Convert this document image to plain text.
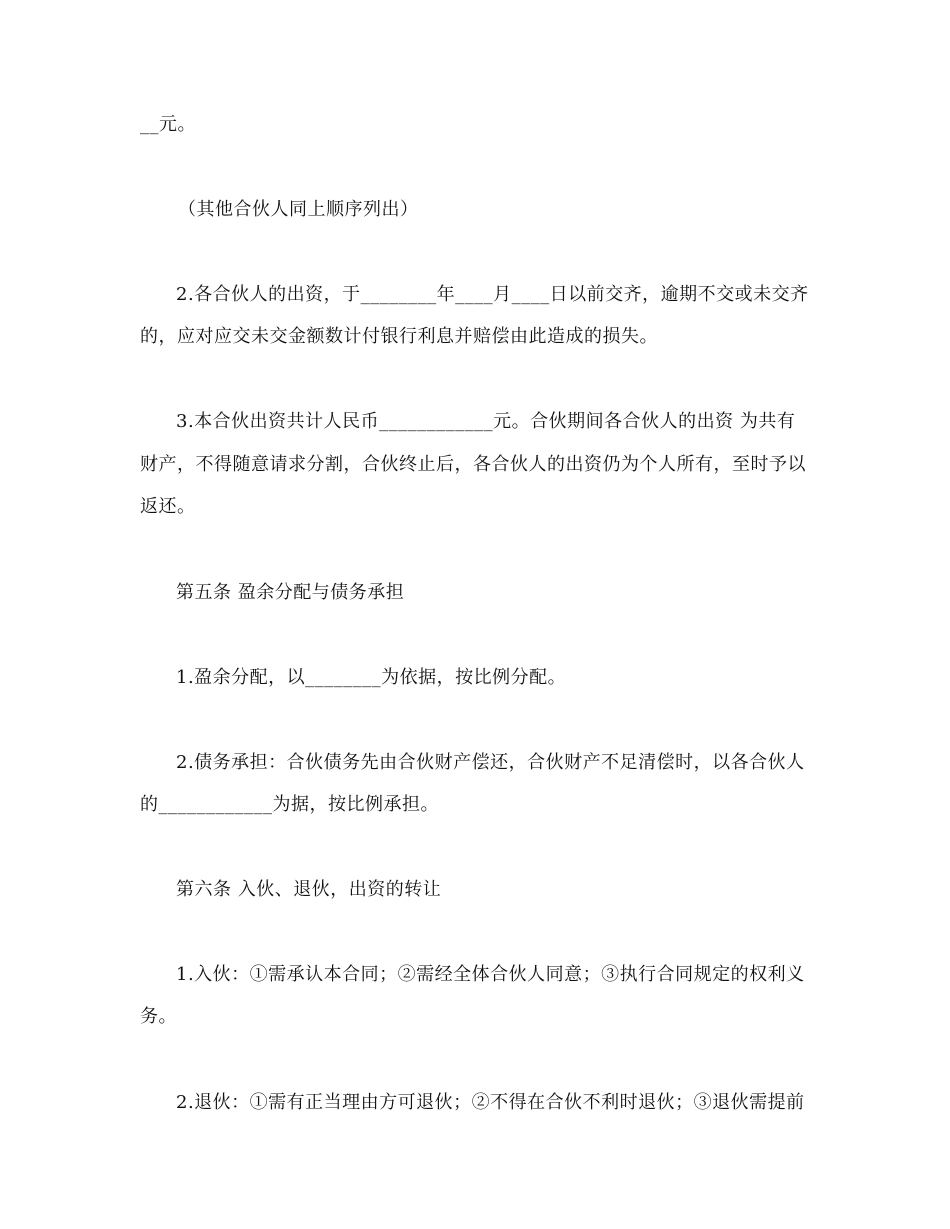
__元。
（其他合伙人同上顺序列出）
2.各合伙人的出资，于________年____月____日以前交齐，逾期不交或未交齐
的，应对应交未交金额数计付银行利息并赔偿由此造成的损失。
3.本合伙出资共计人民币____________元。合伙期间各合伙人的出资 为共有
财产，不得随意请求分割，合伙终止后，各合伙人的出资仍为个人所有，至时予以
返还。
第五条 盈余分配与债务承担
1.盈余分配，以________为依据，按比例分配。
2.债务承担：合伙债务先由合伙财产偿还，合伙财产不足清偿时，以各合伙人
的____________为据，按比例承担。
第六条 入伙、退伙，出资的转让
1.入伙：①需承认本合同；②需经全体合伙人同意；③执行合同规定的权利义
务。
2.退伙：①需有正当理由方可退伙；②不得在合伙不利时退伙；③退伙需提前
